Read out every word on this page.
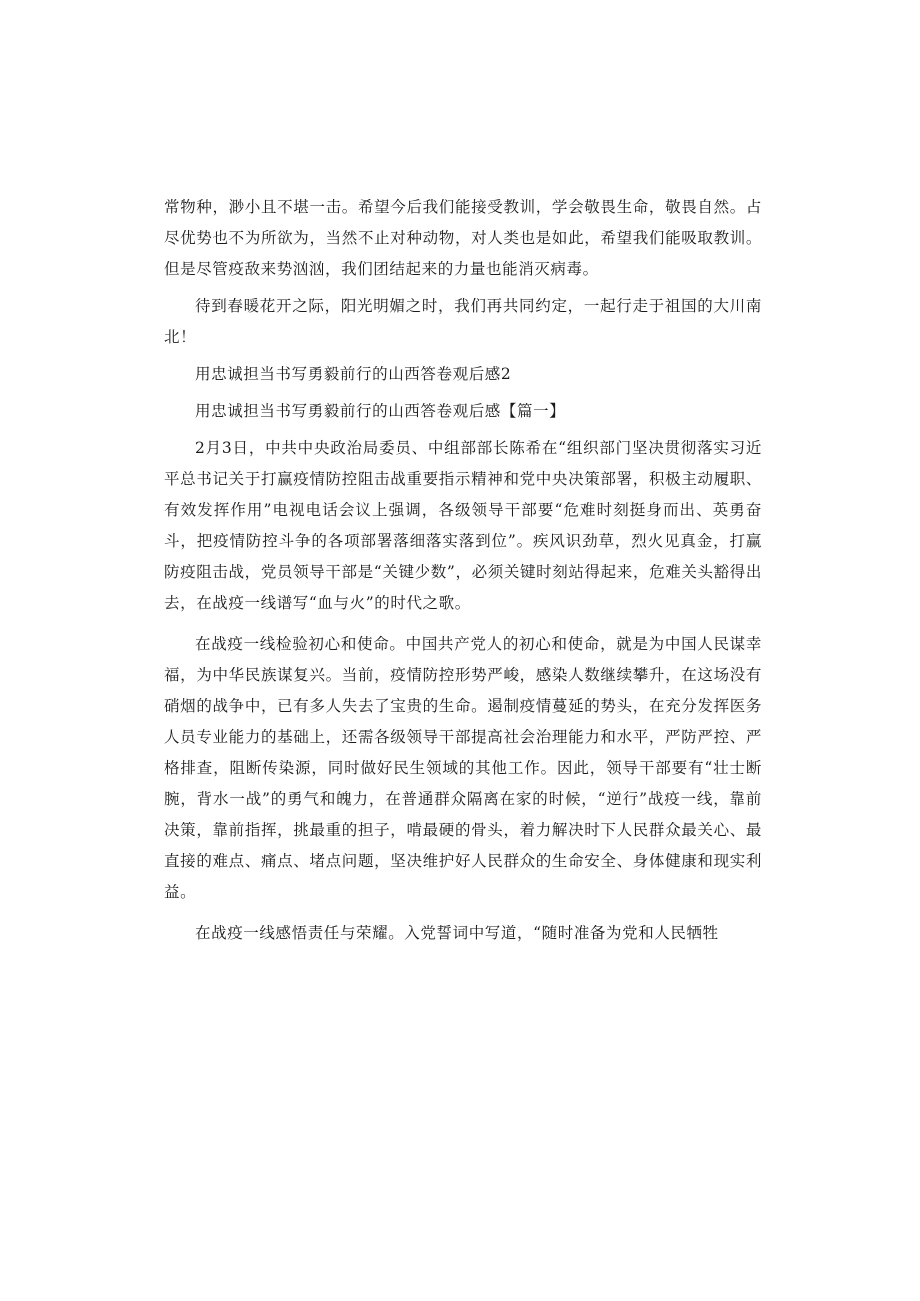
常物种，渺小且不堪一击。希望今后我们能接受教训，学会敬畏生命，敬畏自然。占尽优势也不为所欲为，当然不止对种动物，对人类也是如此，希望我们能吸取教训。但是尽管疫敌来势汹汹，我们团结起来的力量也能消灭病毒。

待到春暖花开之际，阳光明媚之时，我们再共同约定，一起行走于祖国的大川南北！

用忠诚担当书写勇毅前行的山西答卷观后感2

用忠诚担当书写勇毅前行的山西答卷观后感【篇一】

2月3日，中共中央政治局委员、中组部部长陈希在“组织部门坚决贯彻落实习近平总书记关于打赢疫情防控阻击战重要指示精神和党中央决策部署，积极主动履职、有效发挥作用”电视电话会议上强调，各级领导干部要“危难时刻挺身而出、英勇奋斗，把疫情防控斗争的各项部署落细落实落到位”。疾风识劲草，烈火见真金，打赢防疫阻击战，党员领导干部是“关键少数”，必须关键时刻站得起来，危难关头豁得出去，在战疫一线谱写“血与火”的时代之歌。

在战疫一线检验初心和使命。中国共产党人的初心和使命，就是为中国人民谋幸福，为中华民族谋复兴。当前，疫情防控形势严峻，感染人数继续攀升，在这场没有硝烟的战争中，已有多人失去了宝贵的生命。遏制疫情蔓延的势头，在充分发挥医务人员专业能力的基础上，还需各级领导干部提高社会治理能力和水平，严防严控、严格排查，阻断传染源，同时做好民生领域的其他工作。因此，领导干部要有“壮士断腕，背水一战”的勇气和魄力，在普通群众隔离在家的时候，“逆行”战疫一线，靠前决策，靠前指挥，挑最重的担子，啃最硬的骨头，着力解决时下人民群众最关心、最直接的难点、痛点、堵点问题，坚决维护好人民群众的生命安全、身体健康和现实利益。

在战疫一线感悟责任与荣耀。入党誓词中写道，“随时准备为党和人民牺牲
